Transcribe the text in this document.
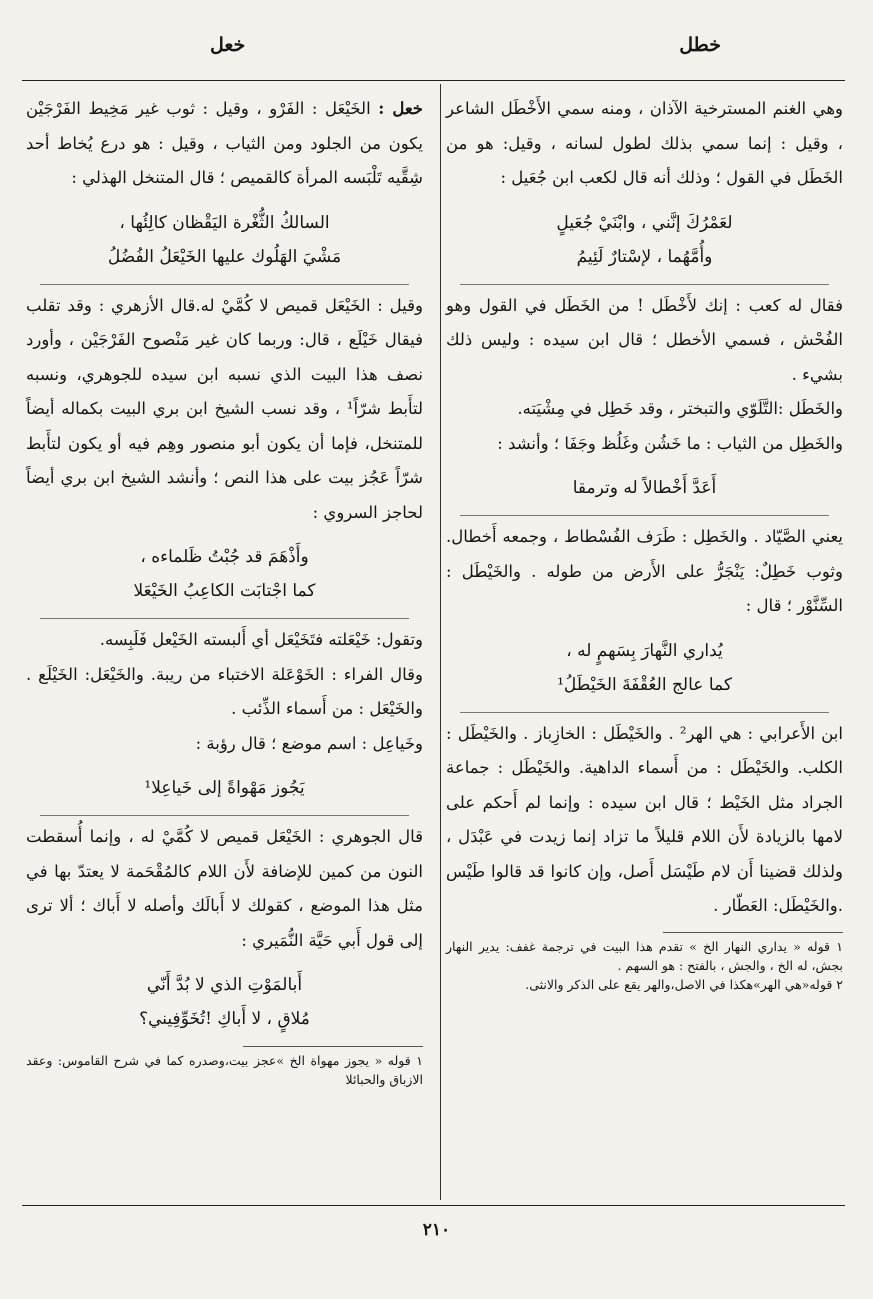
خطل
خعل

وهي الغنم المسترخية الآذان ، ومنه سمي الأَخْطَل الشاعر ، وقيل : إنما سمي بذلك لطول لسانه ، وقيل: هو من الخَطَل في القول ؛ وذلك أنه قال لكعب ابن جُعَيل :

لعَمْرُكَ إنَّني ، وابْنَيْ جُعَيلٍ
وأُمَّهُما ، لإسْتارٌ لَئِيمُ

فقال له كعب : إنك لأَخْطَل ! من الخَطَل في القول وهو الفُحْش ، فسمي الأخطل ؛ قال ابن سيده : وليس ذلك بشيء .

والخَطَل :التَّلَوّي والتبختر ، وقد خَطِل في مِشْيَته.

والخَطِل من الثياب : ما خَشُن وغَلُظ وجَفَا ؛ وأنشد :

أَعَدَّ أَخْطالاً له وترمقا

يعني الصَّيّاد . والخَطِل : طَرَف الفُسْطاط ، وجمعه أَخطال. وثوب خَطِلٌ: يَنْجَرُّ على الأَرض من طوله . والخَيْطَل : السِّنَّوْر ؛ قال :

يُداري النَّهارَ بِسَهمٍ له ،
كما عالج العُقْفَةَ الخَيْطَلُ¹

ابن الأَعرابي : هي الهر² . والخَيْطَل : الخازِباز . والخَيْطَل : الكلب. والخَيْطَل : من أَسماء الداهية. والخَيْطَل : جماعة الجراد مثل الخَيْط ؛ قال ابن سيده : وإنما لم أَحكم على لامها بالزيادة لأَن اللام قليلاً ما تزاد إنما زيدت في عَبْدَل ، ولذلك قضينا أَن لام طَيْسَل أَصل، وإن كانوا قد قالوا طَيْس .والخَيْطَل: العَطّار .

١ قوله « يداري النهار الخ » تقدم هذا البيت في ترجمة غفف: يدير النهار بجش، له الخ ، والجش ، بالفتح : هو السهم .

٢ قوله«هي الهر»هكذا في الاصل،والهر يقع على الذكر والانثى.

خعل : الخَيْعَل : الفَرْو ، وقيل : ثوب غير مَخِيط الفَرْجَيْن يكون من الجلود ومن الثياب ، وقيل : هو درع يُخاط أحد شِقَّيه تَلْبَسه المرأة كالقميص ؛ قال المتنخل الهذلي :

السالكُ الثُّغْرة اليَقْظان كالِئُها ،
مَشْيَ الهَلُوك عليها الخَيْعَلُ الفُضُلُ

وقيل : الخَيْعَل قميص لا كُمَّيْ له.قال الأزهري : وقد تقلب فيقال خَيْلَع ، قال: وربما كان غير مَنْصوح الفَرْجَيْن ، وأورد نصف هذا البيت الذي نسبه ابن سيده للجوهري، ونسبه لتأَبط شرّاً¹ ، وقد نسب الشيخ ابن بري البيت بكماله أيضاً للمتنخل، فإما أن يكون أبو منصور وهِم فيه أو يكون لتأَبط شرّاً عَجُز بيت على هذا النص ؛ وأنشد الشيخ ابن بري أيضاً لحاجز السروي :

وأَذْهَمَ قد جُبْتُ ظَلماءه ،
كما اجْتابَت الكاعِبُ الخَيْعَلا

وتقول: خَيْعَلته فتَخَيْعَل أي أَلبسته الخَيْعل فَلَبِسه.

وقال الفراء : الخَوْعَلة الاختباء من ريبة. والخَيْعَل: الخَيْلَع . والخَيْعَل : من أَسماء الذِّئب .

وخَياعِل : اسم موضع ؛ قال رؤبة :

يَجُوز مَهْواةً إلى خَياعِلا¹

قال الجوهري : الخَيْعَل قميص لا كُمَّيْ له ، وإنما أُسقطت النون من كمين للإضافة لأَن اللام كالمُقْحَمة لا يعتدّ بها في مثل هذا الموضع ، كقولك لا أَبالَك وأصله لا أَباك ؛ ألا ترى إلى قول أَبي حَيَّة النُّمَيري :

أَبالمَوْتِ الذي لا بُدَّ أَنّي
مُلاقٍ ، لا أَباكِ !تُخَوِّفِيني؟

١ قوله « يجوز مهواة الخ »عجز بيت،وصدره كما في شرح القاموس: وعقد الازباق والحبائلا

٢١٠
